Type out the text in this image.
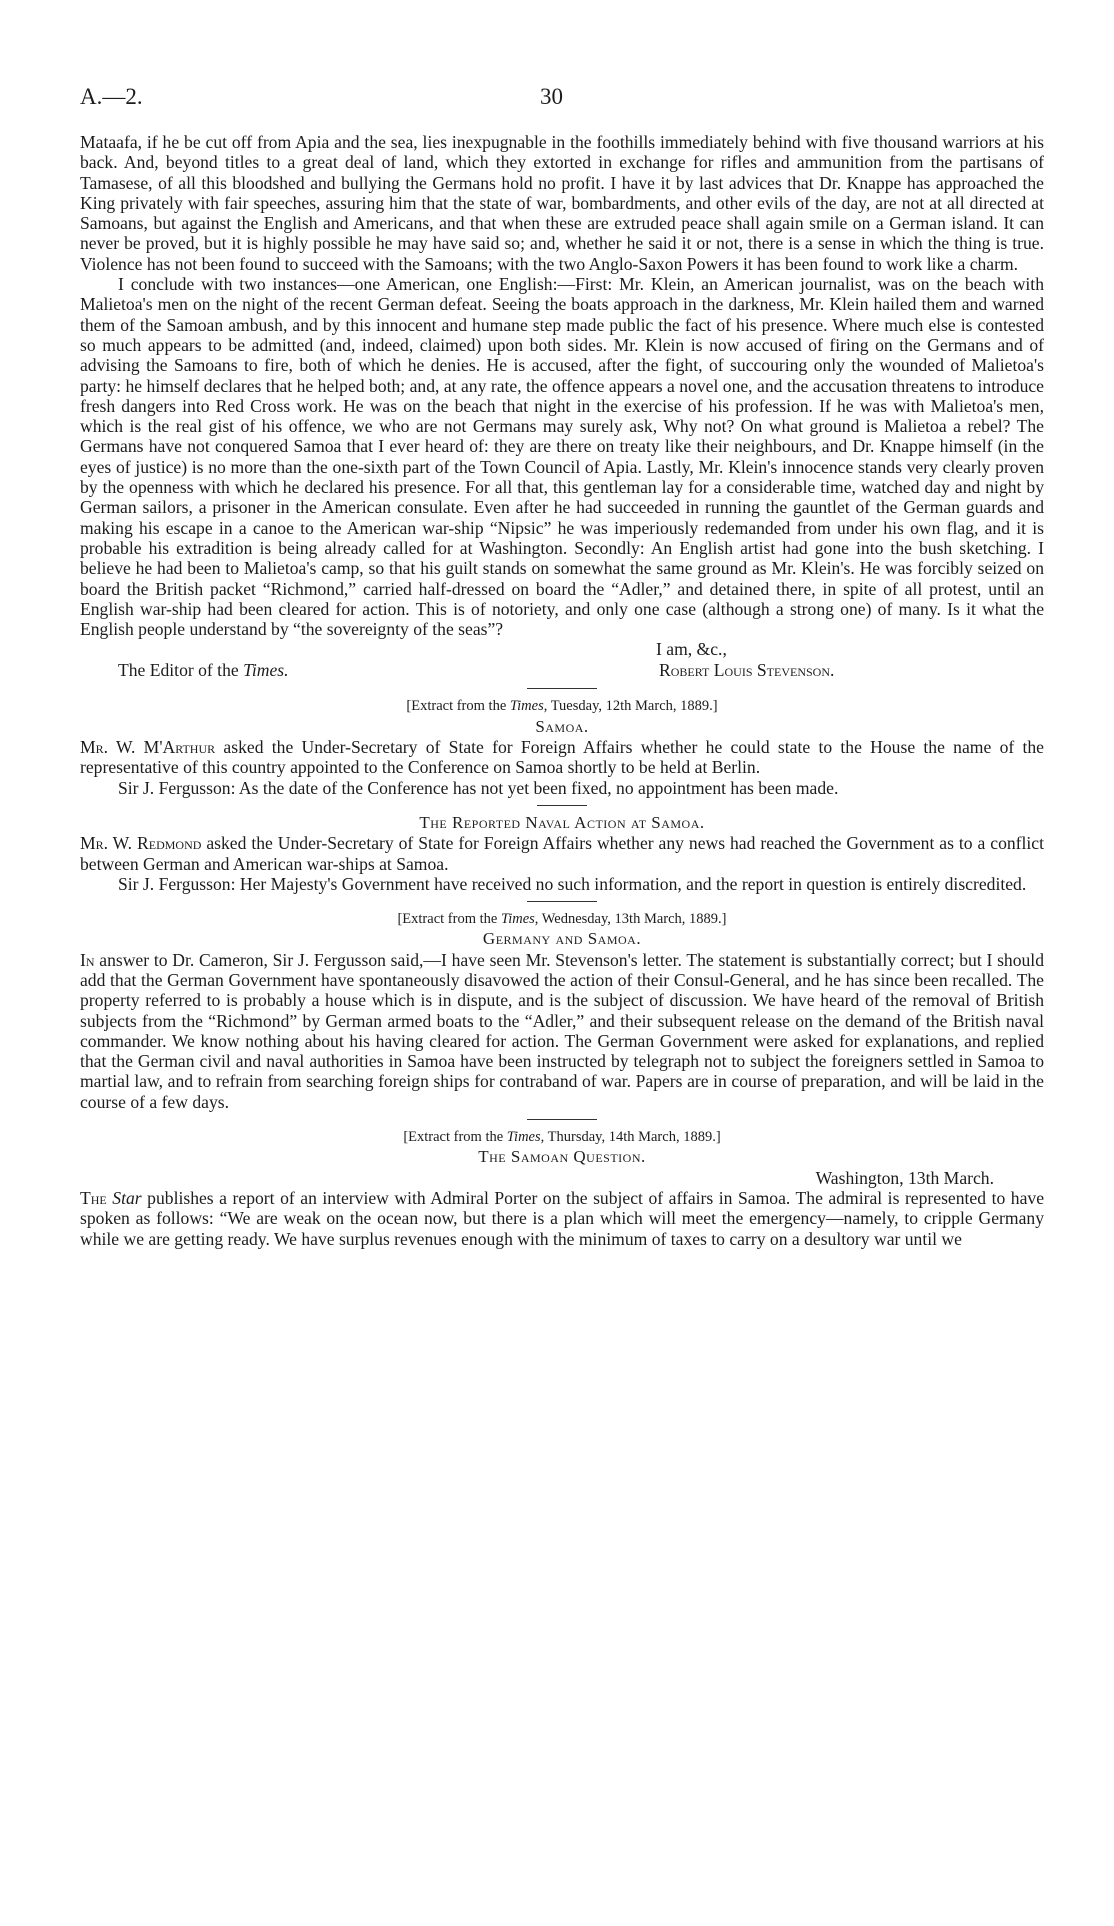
A.—2.	30

Mataafa, if he be cut off from Apia and the sea, lies inexpugnable in the foothills immediately behind with five thousand warriors at his back. And, beyond titles to a great deal of land, which they extorted in exchange for rifles and ammunition from the partisans of Tamasese, of all this bloodshed and bullying the Germans hold no profit. I have it by last advices that Dr. Knappe has approached the King privately with fair speeches, assuring him that the state of war, bombardments, and other evils of the day, are not at all directed at Samoans, but against the English and Americans, and that when these are extruded peace shall again smile on a German island. It can never be proved, but it is highly possible he may have said so; and, whether he said it or not, there is a sense in which the thing is true. Violence has not been found to succeed with the Samoans; with the two Anglo-Saxon Powers it has been found to work like a charm.

I conclude with two instances—one American, one English:—First: Mr. Klein, an American journalist, was on the beach with Malietoa's men on the night of the recent German defeat. Seeing the boats approach in the darkness, Mr. Klein hailed them and warned them of the Samoan ambush, and by this innocent and humane step made public the fact of his presence. Where much else is contested so much appears to be admitted (and, indeed, claimed) upon both sides. Mr. Klein is now accused of firing on the Germans and of advising the Samoans to fire, both of which he denies. He is accused, after the fight, of succouring only the wounded of Malietoa's party: he himself declares that he helped both; and, at any rate, the offence appears a novel one, and the accusation threatens to introduce fresh dangers into Red Cross work. He was on the beach that night in the exercise of his profession. If he was with Malietoa's men, which is the real gist of his offence, we who are not Germans may surely ask, Why not? On what ground is Malietoa a rebel? The Germans have not conquered Samoa that I ever heard of: they are there on treaty like their neighbours, and Dr. Knappe himself (in the eyes of justice) is no more than the one-sixth part of the Town Council of Apia. Lastly, Mr. Klein's innocence stands very clearly proven by the openness with which he declared his presence. For all that, this gentleman lay for a considerable time, watched day and night by German sailors, a prisoner in the American consulate. Even after he had succeeded in running the gauntlet of the German guards and making his escape in a canoe to the American war-ship “Nipsic” he was imperiously redemanded from under his own flag, and it is probable his extradition is being already called for at Washington. Secondly: An English artist had gone into the bush sketching. I believe he had been to Malietoa's camp, so that his guilt stands on somewhat the same ground as Mr. Klein's. He was forcibly seized on board the British packet “Richmond,” carried half-dressed on board the “Adler,” and detained there, in spite of all protest, until an English war-ship had been cleared for action. This is of notoriety, and only one case (although a strong one) of many. Is it what the English people understand by “the sovereignty of the seas”?

I am, &c.,
The Editor of the Times.	Robert Louis Stevenson.

[Extract from the Times, Tuesday, 12th March, 1889.]

Samoa.

Mr. W. M'Arthur asked the Under-Secretary of State for Foreign Affairs whether he could state to the House the name of the representative of this country appointed to the Conference on Samoa shortly to be held at Berlin.

Sir J. Fergusson: As the date of the Conference has not yet been fixed, no appointment has been made.

The Reported Naval Action at Samoa.

Mr. W. Redmond asked the Under-Secretary of State for Foreign Affairs whether any news had reached the Government as to a conflict between German and American war-ships at Samoa.

Sir J. Fergusson: Her Majesty's Government have received no such information, and the report in question is entirely discredited.

[Extract from the Times, Wednesday, 13th March, 1889.]

Germany and Samoa.

In answer to Dr. Cameron, Sir J. Fergusson said,—I have seen Mr. Stevenson's letter. The statement is substantially correct; but I should add that the German Government have spontaneously disavowed the action of their Consul-General, and he has since been recalled. The property referred to is probably a house which is in dispute, and is the subject of discussion. We have heard of the removal of British subjects from the “Richmond” by German armed boats to the “Adler,” and their subsequent release on the demand of the British naval commander. We know nothing about his having cleared for action. The German Government were asked for explanations, and replied that the German civil and naval authorities in Samoa have been instructed by telegraph not to subject the foreigners settled in Samoa to martial law, and to refrain from searching foreign ships for contraband of war. Papers are in course of preparation, and will be laid in the course of a few days.

[Extract from the Times, Thursday, 14th March, 1889.]

The Samoan Question.

Washington, 13th March.

The Star publishes a report of an interview with Admiral Porter on the subject of affairs in Samoa. The admiral is represented to have spoken as follows: “We are weak on the ocean now, but there is a plan which will meet the emergency—namely, to cripple Germany while we are getting ready. We have surplus revenues enough with the minimum of taxes to carry on a desultory war until we
